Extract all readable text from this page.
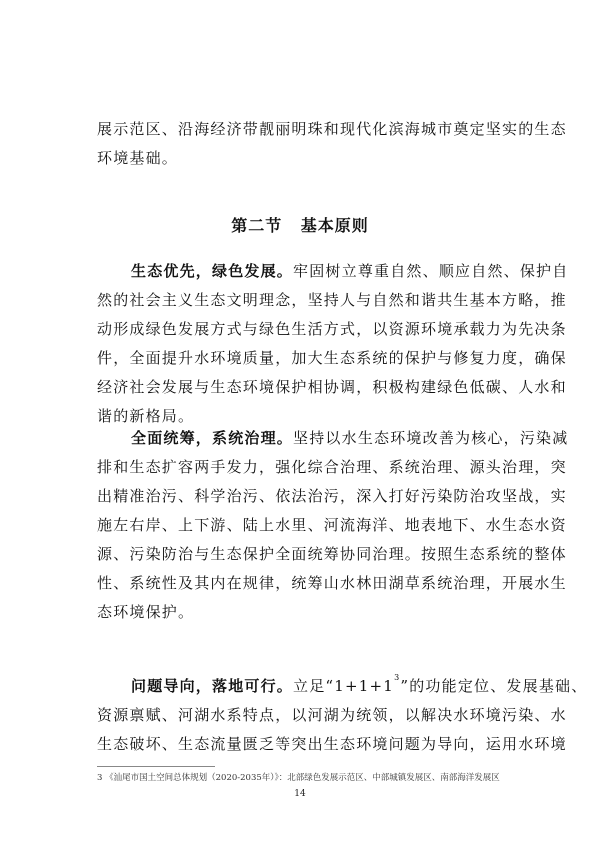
展示范区、沿海经济带靓丽明珠和现代化滨海城市奠定坚实的生态
环境基础。
第二节 基本原则
生态优先，绿色发展。牢固树立尊重自然、顺应自然、保护自
然的社会主义生态文明理念，坚持人与自然和谐共生基本方略，推
动形成绿色发展方式与绿色生活方式，以资源环境承载力为先决条
件，全面提升水环境质量，加大生态系统的保护与修复力度，确保
经济社会发展与生态环境保护相协调，积极构建绿色低碳、人水和
谐的新格局。
全面统筹，系统治理。坚持以水生态环境改善为核心，污染减
排和生态扩容两手发力，强化综合治理、系统治理、源头治理，突
出精准治污、科学治污、依法治污，深入打好污染防治攻坚战，实
施左右岸、上下游、陆上水里、河流海洋、地表地下、水生态水资
源、污染防治与生态保护全面统筹协同治理。按照生态系统的整体
性、系统性及其内在规律，统筹山水林田湖草系统治理，开展水生
态环境保护。
问题导向，落地可行。立足“$1+1+1^3$”的功能定位、发展基础、
资源禀赋、河湖水系特点，以河湖为统领，以解决水环境污染、水
生态破坏、生态流量匮乏等突出生态环境问题为导向，运用水环境
3 《汕尾市国土空间总体规划（2020-2035年）》：北部绿色发展示范区、中部城镇发展区、南部海洋发展区
14
